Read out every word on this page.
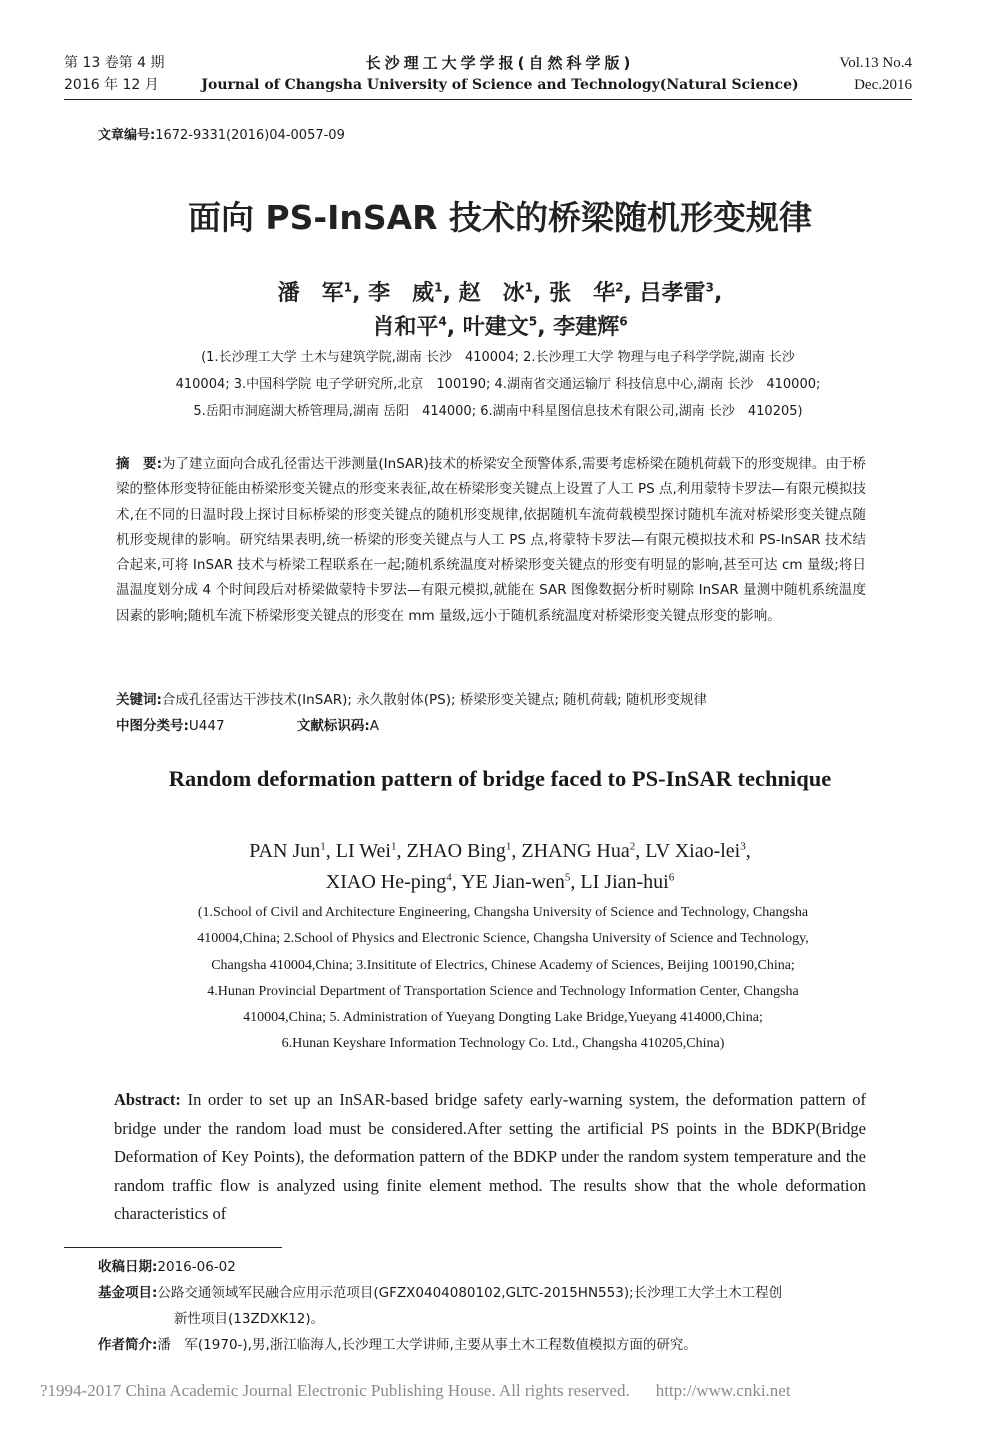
第 13 卷第 4 期
2016 年 12 月
长沙理工大学学报(自然科学版)
Journal of Changsha University of Science and Technology(Natural Science)
Vol.13 No.4
Dec.2016
文章编号:1672-9331(2016)04-0057-09
面向 PS-InSAR 技术的桥梁随机形变规律
潘　军$^1$, 李　威$^1$, 赵　冰$^1$, 张　华$^2$, 吕孝雷$^3$,
肖和平$^4$, 叶建文$^5$, 李建辉$^6$
(1.长沙理工大学 土木与建筑学院,湖南 长沙　410004; 2.长沙理工大学 物理与电子科学学院,湖南 长沙
410004; 3.中国科学院 电子学研究所,北京　100190; 4.湖南省交通运输厅 科技信息中心,湖南 长沙　410000;
5.岳阳市洞庭湖大桥管理局,湖南 岳阳　414000; 6.湖南中科星图信息技术有限公司,湖南 长沙　410205)
摘　要:为了建立面向合成孔径雷达干涉测量(InSAR)技术的桥梁安全预警体系,需要考虑桥梁在随机荷载下的形变规律。由于桥梁的整体形变特征能由桥梁形变关键点的形变来表征,故在桥梁形变关键点上设置了人工 PS 点,利用蒙特卡罗法—有限元模拟技术,在不同的日温时段上探讨目标桥梁的形变关键点的随机形变规律,依据随机车流荷载模型探讨随机车流对桥梁形变关键点随机形变规律的影响。研究结果表明,统一桥梁的形变关键点与人工 PS 点,将蒙特卡罗法—有限元模拟技术和 PS-InSAR 技术结合起来,可将 InSAR 技术与桥梁工程联系在一起;随机系统温度对桥梁形变关键点的形变有明显的影响,甚至可达 cm 量级;将日温温度划分成 4 个时间段后对桥梁做蒙特卡罗法—有限元模拟,就能在 SAR 图像数据分析时剔除 InSAR 量测中随机系统温度因素的影响;随机车流下桥梁形变关键点的形变在 mm 量级,远小于随机系统温度对桥梁形变关键点形变的影响。
关键词:合成孔径雷达干涉技术(InSAR); 永久散射体(PS); 桥梁形变关键点; 随机荷载; 随机形变规律
中图分类号:U447	文献标识码:A
Random deformation pattern of bridge faced to PS-InSAR technique
PAN Jun$^1$, LI Wei$^1$, ZHAO Bing$^1$, ZHANG Hua$^2$, LV Xiao-lei$^3$,
XIAO He-ping$^4$, YE Jian-wen$^5$, LI Jian-hui$^6$
(1.School of Civil and Architecture Engineering, Changsha University of Science and Technology, Changsha
410004,China; 2.School of Physics and Electronic Science, Changsha University of Science and Technology,
Changsha 410004,China; 3.Insititute of Electrics, Chinese Academy of Sciences, Beijing 100190,China;
4.Hunan Provincial Department of Transportation Science and Technology Information Center, Changsha
410004,China; 5. Administration of Yueyang Dongting Lake Bridge,Yueyang 414000,China;
6.Hunan Keyshare Information Technology Co. Ltd., Changsha 410205,China)
Abstract: In order to set up an InSAR-based bridge safety early-warning system, the deformation pattern of bridge under the random load must be considered.After setting the artificial PS points in the BDKP(Bridge Deformation of Key Points), the deformation pattern of the BDKP under the random system temperature and the random traffic flow is analyzed using finite element method. The results show that the whole deformation characteristics of
收稿日期:2016-06-02
基金项目:公路交通领域军民融合应用示范项目(GFZX0404080102,GLTC-2015HN553);长沙理工大学土木工程创
新性项目(13ZDXK12)。
作者简介:潘　军(1970-),男,浙江临海人,长沙理工大学讲师,主要从事土木工程数值模拟方面的研究。
?1994-2017 China Academic Journal Electronic Publishing House. All rights reserved. http://www.cnki.net
